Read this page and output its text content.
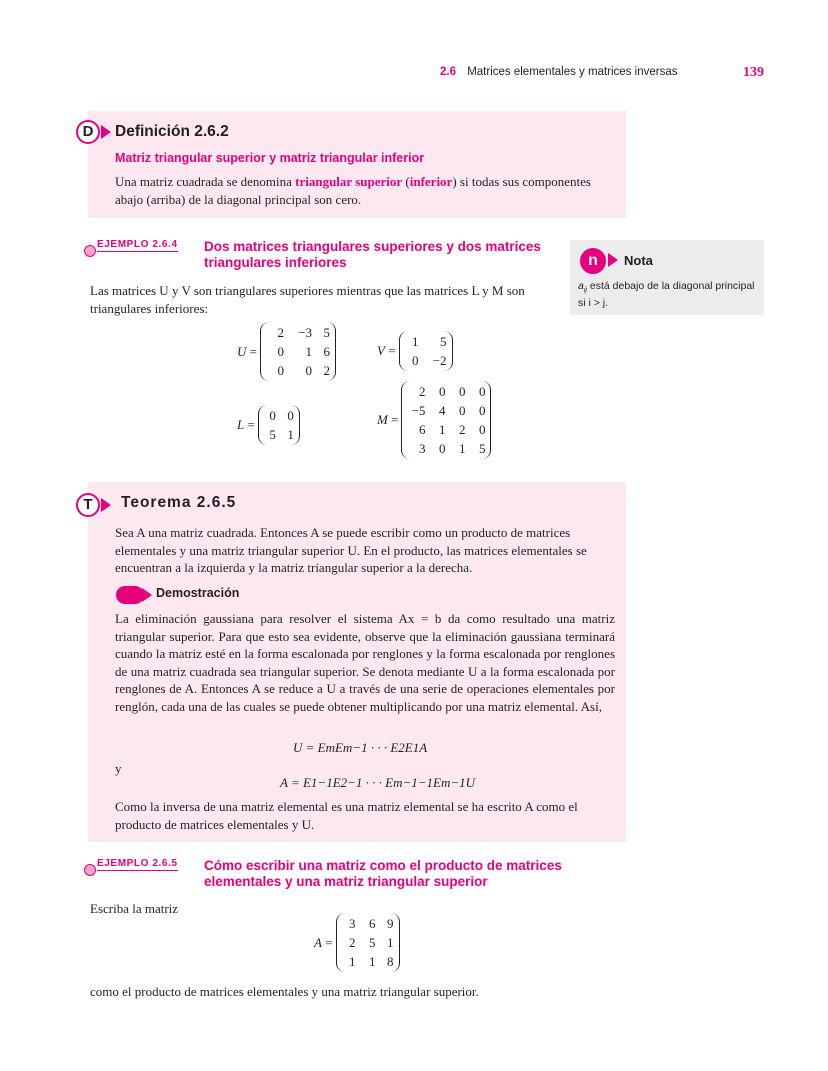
2.6 Matrices elementales y matrices inversas	139
Definición 2.6.2
Matriz triangular superior y matriz triangular inferior
Una matriz cuadrada se denomina triangular superior (inferior) si todas sus componentes abajo (arriba) de la diagonal principal son cero.
D
EJEMPLO 2.6.4 Dos matrices triangulares superiores y dos matrices triangulares inferiores
Las matrices U y V son triangulares superiores mientras que las matrices L y M son triangulares inferiores:
U =
2	−3 5
0	1 6
0	0 2
V =
1	5
0	−2
L =
0 0
5 1
M =
2	0	0	0
−5	4	0	0
6	1	2	0
3	0	1	5
n	Nota
$a_{ij}$ está debajo de la diagonal principal si i > j.
Teorema 2.6.5
Sea A una matriz cuadrada. Entonces A se puede escribir como un producto de matrices elementales y una matriz triangular superior U. En el producto, las matrices elementales se encuentran a la izquierda y la matriz triangular superior a la derecha.
Demostración
La eliminación gaussiana para resolver el sistema Ax = b da como resultado una matriz triangular superior. Para que esto sea evidente, observe que la eliminación gaussiana terminará cuando la matriz esté en la forma escalonada por renglones y la forma escalonada por renglones de una matriz cuadrada sea triangular superior. Se denota mediante U a la forma escalonada por renglones de A. Entonces A se reduce a U a través de una serie de operaciones elementales por renglón, cada una de las cuales se puede obtener multiplicando por una matriz elemental. Así,
U = EmEm−1 · · · E2E1A
y
A = E1−1E2−1 · · · Em−1−1Em−1U
Como la inversa de una matriz elemental es una matriz elemental se ha escrito A como el producto de matrices elementales y U.
T
EJEMPLO 2.6.5 Cómo escribir una matriz como el producto de matrices elementales y una matriz triangular superior
Escriba la matriz
A =
3	6 9
2	5 1
1	1 8
como el producto de matrices elementales y una matriz triangular superior.
